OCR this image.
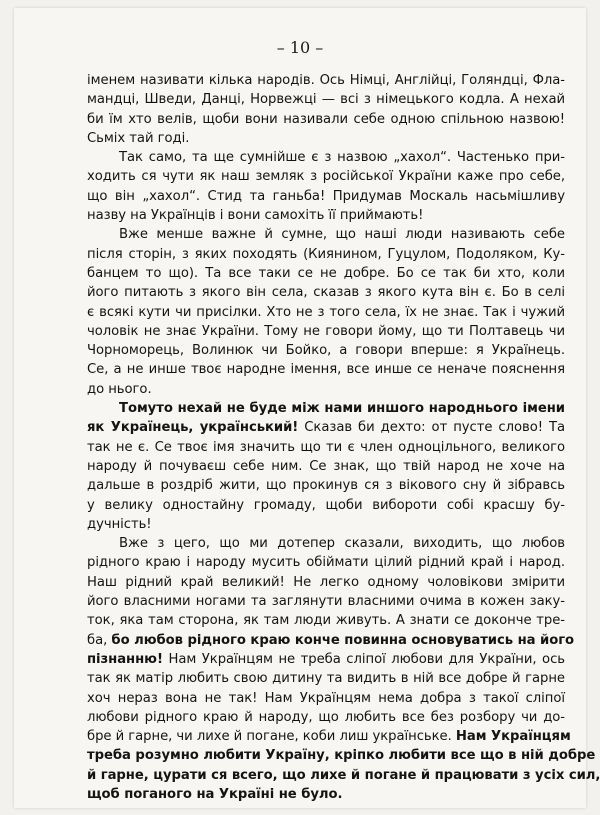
– 10 –
іменем називати кілька народів. Ось Німці, Англійці, Голяндці, Фла-
мандці, Шведи, Данці, Норвежці — всі з німецького кодла. А нехай
би їм хто велів, щоби вони називали себе одною спільною назвою!
Сьміх тай годі.
Так само, та ще сумнійше є з назвою „хахол“. Частенько при-
ходить ся чути як наш земляк з російської України каже про себе,
що він „хахол“. Стид та ганьба! Придумав Москаль насьмішливу
назву на Українців і вони самохіть її приймають!
Вже менше важне й сумне, що наші люди називають себе
після сторін, з яких походять (Киянином, Гуцулом, Подоляком, Ку-
банцем то що). Та все таки се не добре. Бо се так би хто, коли
його питають з якого він села, сказав з якого кута він є. Бо в селі
є всякі кути чи присілки. Хто не з того села, їх не знає. Так і чужий
чоловік не знає України. Тому не говори йому, що ти Полтавець чи
Чорноморець, Волинюк чи Бойко, а говори вперше: я Українець.
Се, а не инше твоє народне імення, все инше се неначе пояснення
до нього.
Томуто нехай не буде між нами иншого народнього імени
як Українець, український! Сказав би дехто: от пусте слово! Та
так не є. Се твоє імя значить що ти є член одноцільного, великого
народу й почуваєш себе ним. Се знак, що твій народ не хоче на
дальше в роздріб жити, що прокинув ся з вікового сну й зібравсь
у велику одностайну громаду, щоби виборoти собі красшу бу-
дучність!
Вже з цего, що ми дотепер сказали, виходить, що любов
рідного краю і народу мусить обіймати цілий рідний край і нарoд.
Наш рідний край великий! Не легко одному чоловікови змірити
його власними ногами та заглянути власними очима в кожен заку-
ток, яка там сторона, як там люди живуть. А знати се доконче тре-
ба, бо любов рідного краю конче повинна основуватись на його
пізнанню! Нам Українцям не треба сліпої любови для України, ось
так як матір любить свою дитину та видить в ній все добре й гарне
хоч нераз вона не так! Нам Українцям нема добра з такої сліпої
любови рідного краю й народу, що любить все без розбору чи до-
бре й гарне, чи лихе й погане, коби лиш українське. Нам Українцям
треба розумно любити Україну, кріпко любити все що в ній добре
й гарне, цурати ся всего, що лихе й погане й працювати з усіх сил,
щоб поганого на Україні не було.
